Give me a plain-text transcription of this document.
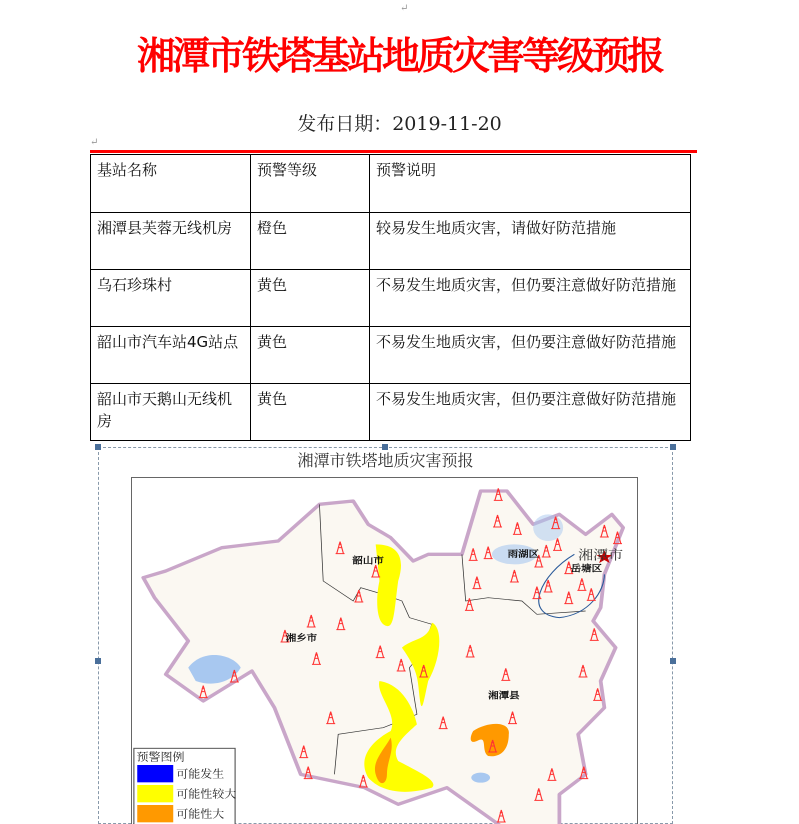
↵
湘潭市铁塔基站地质灾害等级预报
发布日期：2019-11-20
↵
基站名称	预警等级	预警说明
湘潭县芙蓉无线机房	橙色	较易发生地质灾害，请做好防范措施
乌石珍珠村	黄色	不易发生地质灾害，但仍要注意做好防范措施
韶山市汽车站4G站点	黄色	不易发生地质灾害，但仍要注意做好防范措施
韶山市天鹅山无线机房	黄色	不易发生地质灾害，但仍要注意做好防范措施
湘潭市铁塔地质灾害预报
韶山市
湘乡市
雨湖区
岳塘区
湘潭市
湘潭县
预警图例
可能发生
可能性较大
可能性大
